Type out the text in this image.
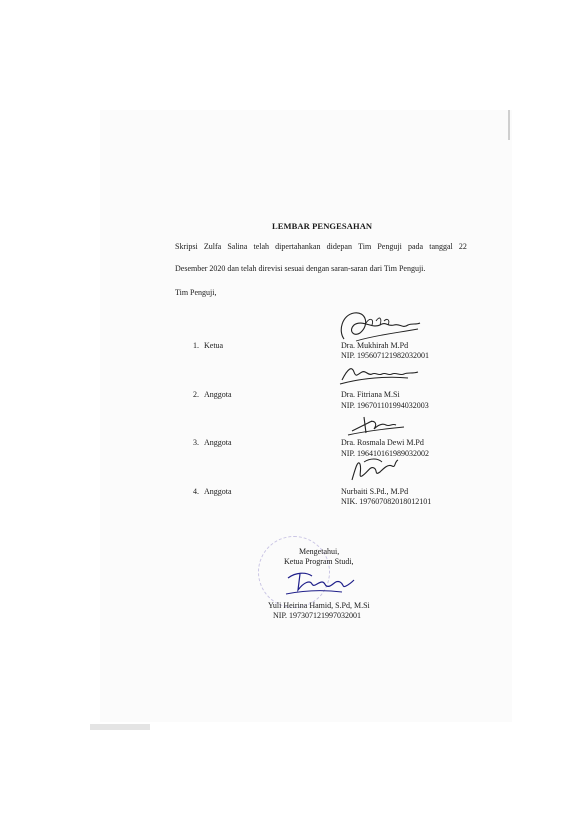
LEMBAR PENGESAHAN
Skripsi Zulfa Salina telah dipertahankan didepan Tim Penguji pada tanggal 22
Desember 2020 dan telah direvisi sesuai dengan saran-saran dari Tim Penguji.
Tim Penguji,
1. Ketua	Dra. Mukhirah M.Pd
NIP. 195607121982032001
2. Anggota	Dra. Fitriana M.Si
NIP. 196701101994032003
3. Anggota	Dra. Rosmala Dewi M.Pd
NIP. 196410161989032002
4. Anggota	Nurbaiti S.Pd., M.Pd
NIK. 197607082018012101
Mengetahui,
Ketua Program Studi,
Yuli Heirina Hamid, S.Pd, M.Si
NIP. 197307121997032001
